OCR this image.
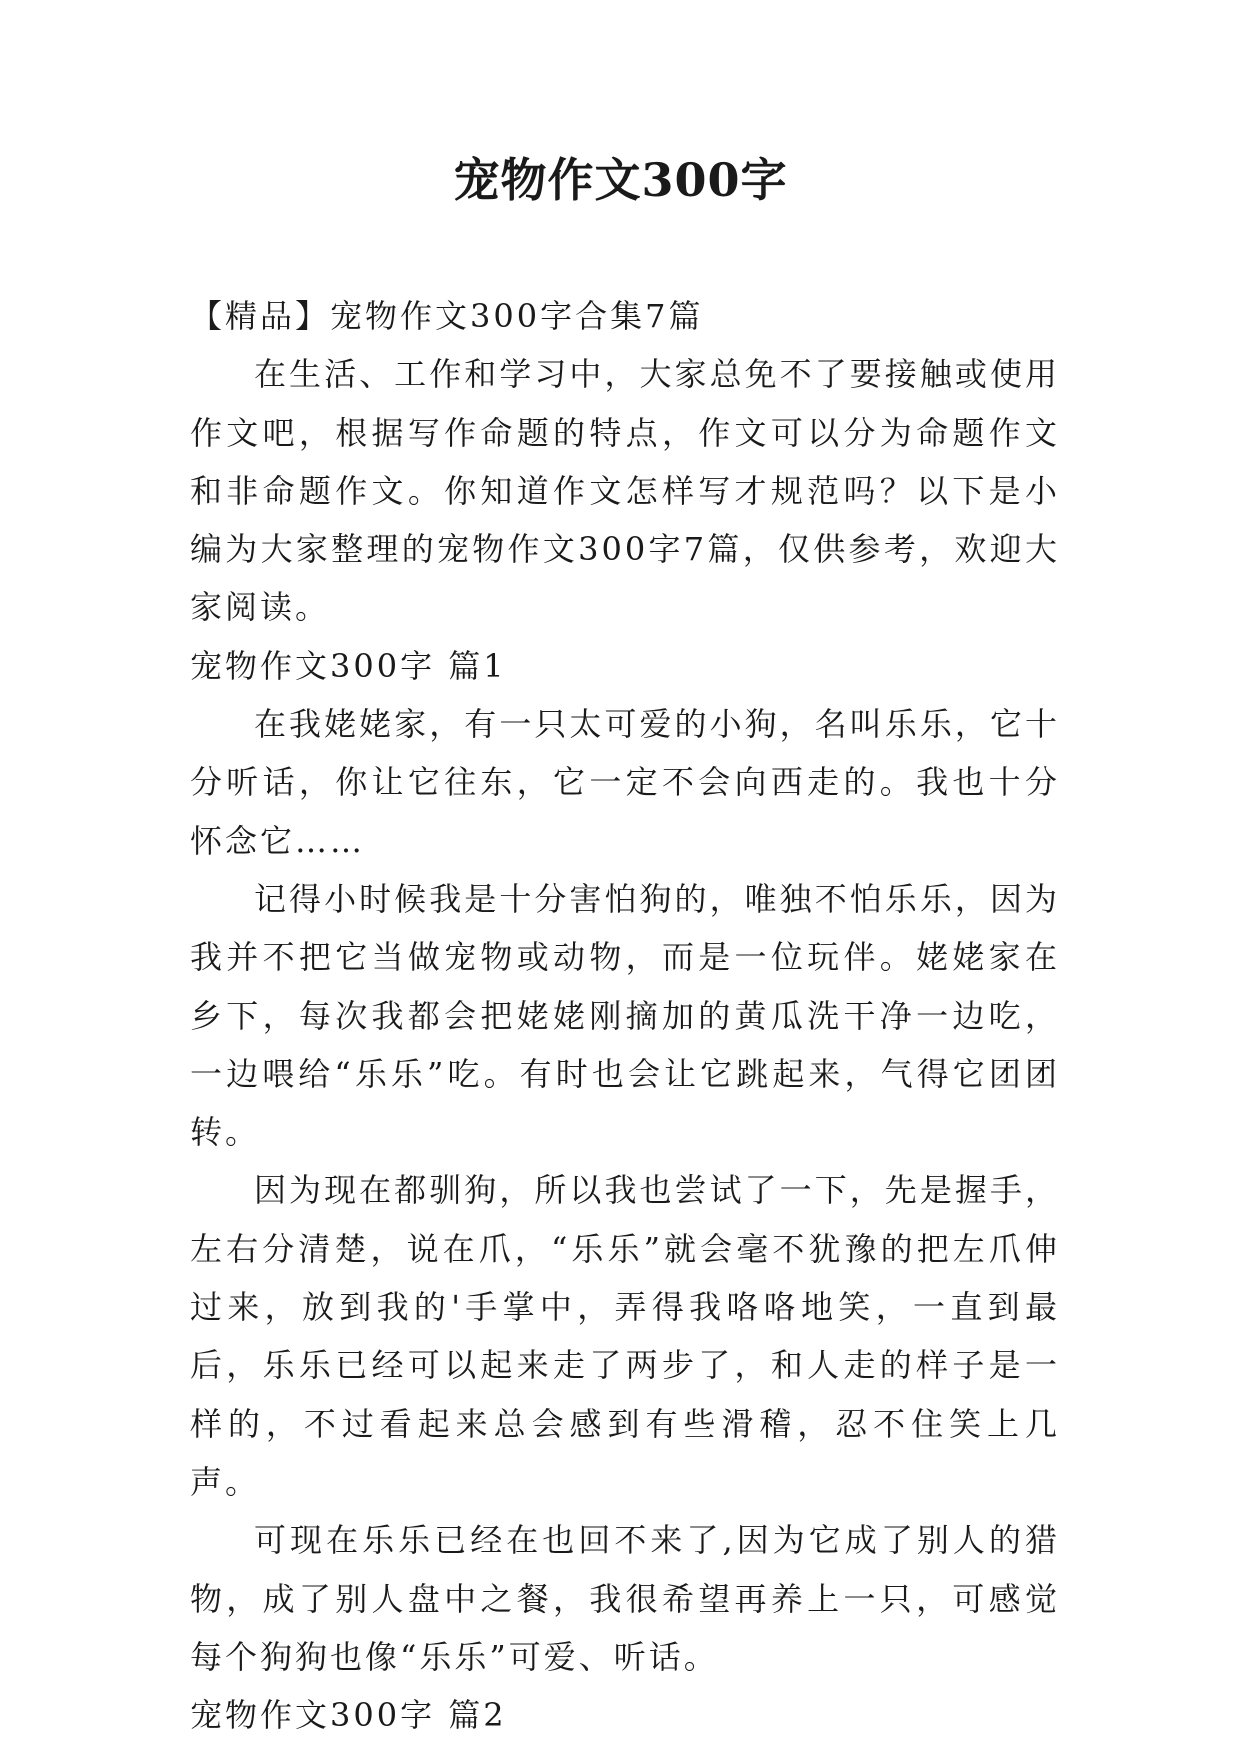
宠物作文300字

【精品】宠物作文300字合集7篇

在生活、工作和学习中，大家总免不了要接触或使用作文吧，根据写作命题的特点，作文可以分为命题作文和非命题作文。你知道作文怎样写才规范吗？以下是小编为大家整理的宠物作文300字7篇，仅供参考，欢迎大家阅读。

宠物作文300字 篇1

在我姥姥家，有一只太可爱的小狗，名叫乐乐，它十分听话，你让它往东，它一定不会向西走的。我也十分怀念它……

记得小时候我是十分害怕狗的，唯独不怕乐乐，因为我并不把它当做宠物或动物，而是一位玩伴。姥姥家在乡下，每次我都会把姥姥刚摘加的黄瓜洗干净一边吃，一边喂给“乐乐”吃。有时也会让它跳起来，气得它团团转。

因为现在都驯狗，所以我也尝试了一下，先是握手，左右分清楚，说在爪，“乐乐”就会毫不犹豫的把左爪伸过来，放到我的'手掌中，弄得我咯咯地笑，一直到最后，乐乐已经可以起来走了两步了，和人走的样子是一样的，不过看起来总会感到有些滑稽，忍不住笑上几声。

可现在乐乐已经在也回不来了,因为它成了别人的猎物，成了别人盘中之餐，我很希望再养上一只，可感觉每个狗狗也像“乐乐”可爱、听话。

宠物作文300字 篇2
